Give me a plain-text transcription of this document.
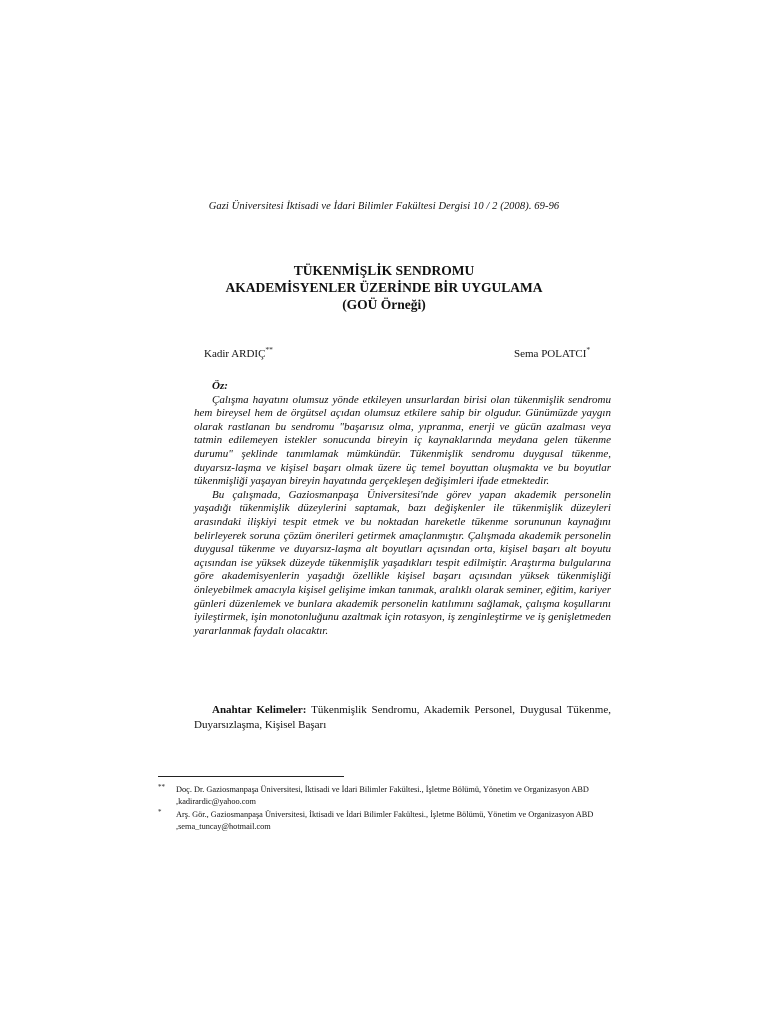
Gazi Üniversitesi İktisadi ve İdari Bilimler Fakültesi Dergisi 10 / 2 (2008). 69-96
TÜKENMİŞLİK SENDROMU
AKADEMİSYENLER ÜZERİNDE BİR UYGULAMA
(GOÜ Örneği)
Kadir ARDIÇ**	Sema POLATCI*
Öz:

Çalışma hayatını olumsuz yönde etkileyen unsurlardan birisi olan tükenmişlik sendromu hem bireysel hem de örgütsel açıdan olumsuz etkilere sahip bir olgudur. Günümüzde yaygın olarak rastlanan bu sendromu "başarısız olma, yıpranma, enerji ve gücün azalması veya tatmin edilemeyen istekler sonucunda bireyin iç kaynaklarında meydana gelen tükenme durumu" şeklinde tanımlamak mümkündür. Tükenmişlik sendromu duygusal tükenme, duyarsız-laşma ve kişisel başarı olmak üzere üç temel boyuttan oluşmakta ve bu boyutlar tükenmişliği yaşayan bireyin hayatında gerçekleşen değişimleri ifade etmektedir.

Bu çalışmada, Gaziosmanpaşa Üniversitesi'nde görev yapan akademik personelin yaşadığı tükenmişlik düzeylerini saptamak, bazı değişkenler ile tükenmişlik düzeyleri arasındaki ilişkiyi tespit etmek ve bu noktadan hareketle tükenme sorununun kaynağını belirleyerek soruna çözüm önerileri getirmek amaçlanmıştır. Çalışmada akademik personelin duygusal tükenme ve duyarsız-laşma alt boyutları açısından orta, kişisel başarı alt boyutu açısından ise yüksek düzeyde tükenmişlik yaşadıkları tespit edilmiştir. Araştırma bulgularına göre akademisyenlerin yaşadığı özellikle kişisel başarı açısından yüksek tükenmişliği önleyebilmek amacıyla kişisel gelişime imkan tanımak, aralıklı olarak seminer, eğitim, kariyer günleri düzenlemek ve bunlara akademik personelin katılımını sağlamak, çalışma koşullarını iyileştirmek, işin monotonluğunu azaltmak için rotasyon, iş zenginleştirme ve iş genişletmeden yararlanmak faydalı olacaktır.

Anahtar Kelimeler: Tükenmişlik Sendromu, Akademik Personel, Duygusal Tükenme, Duyarsızlaşma, Kişisel Başarı
** Doç. Dr. Gaziosmanpaşa Üniversitesi, İktisadi ve İdari Bilimler Fakültesi., İşletme Bölümü, Yönetim ve Organizasyon ABD ,kadirardic@yahoo.com
* Arş. Gör., Gaziosmanpaşa Üniversitesi, İktisadi ve İdari Bilimler Fakültesi., İşletme Bölümü, Yönetim ve Organizasyon ABD ,sema_tuncay@hotmail.com
